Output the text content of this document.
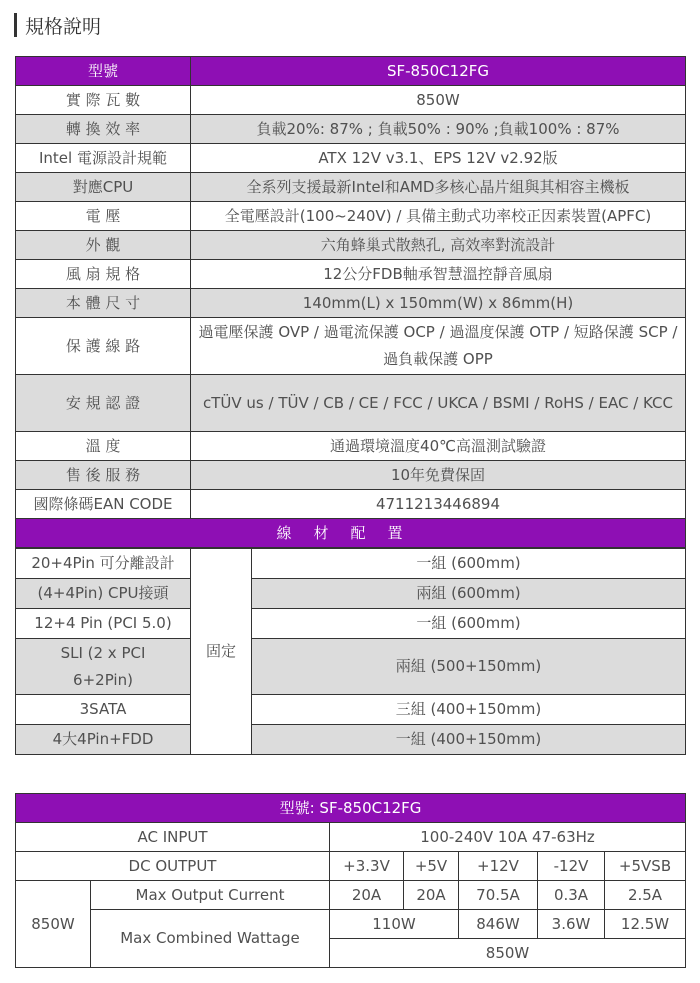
規格說明
型號	SF-850C12FG
實 際 瓦 數	850W
轉 換 效 率	負載20%: 87% ; 負載50% : 90% ;負載100% : 87%
Intel 電源設計規範	ATX 12V v3.1、EPS 12V v2.92版
對應CPU	全系列支援最新Intel和AMD多核心晶片組與其相容主機板
電 壓	全電壓設計(100~240V) / 具備主動式功率校正因素裝置(APFC)
外 觀	六角蜂巢式散熱孔, 高效率對流設計
風 扇 規 格	12公分FDB軸承智慧溫控靜音風扇
本 體 尺 寸	140mm(L) x 150mm(W) x 86mm(H)
保 護 線 路	過電壓保護 OVP / 過電流保護 OCP / 過溫度保護 OTP / 短路保護 SCP / 過負載保護 OPP
安 規 認 證	cTÜV us / TÜV / CB / CE / FCC / UKCA / BSMI / RoHS / EAC / KCC
溫 度	通過環境溫度40℃高溫測試驗證
售 後 服 務	10年免費保固
國際條碼EAN CODE	4711213446894
線材配置	
20+4Pin 可分離設計	固定	一組 (600mm)
(4+4Pin) CPU接頭		兩組 (600mm)
12+4 Pin (PCI 5.0)		一組 (600mm)
SLI (2 x PCI 6+2Pin)		兩組 (500+150mm)
3SATA		三組 (400+150mm)
4大4Pin+FDD		一組 (400+150mm)
型號: SF-850C12FG						
AC INPUT		100-240V 10A 47-63Hz				
DC OUTPUT		+3.3V	+5V	+12V	-12V	+5VSB
850W	Max Output Current	20A	20A	70.5A	0.3A	2.5A
	Max Combined Wattage	110W		846W	3.6W	12.5W
		850W				
